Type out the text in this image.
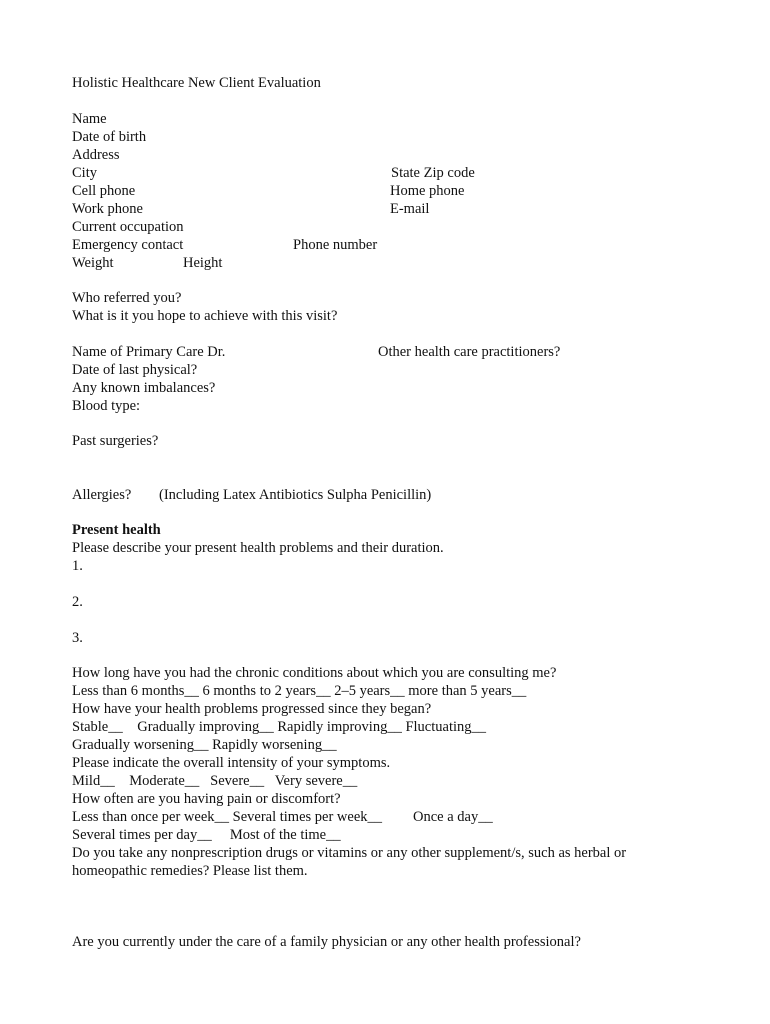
Holistic Healthcare New Client Evaluation
Name
Date of birth
Address
City	State Zip code
Cell phone	Home phone
Work phone	E-mail
Current occupation
Emergency contact	Phone number
Weight	Height
Who referred you?
What is it you hope to achieve with this visit?
Name of Primary Care Dr.	Other health care practitioners?
Date of last physical?
Any known imbalances?
Blood type:
Past surgeries?
Allergies? (Including Latex Antibiotics Sulpha Penicillin)
Present health
Please describe your present health problems and their duration.
1.
2.
3.
How long have you had the chronic conditions about which you are consulting me?
Less than 6 months__ 6 months to 2 years__ 2–5 years__ more than 5 years__
How have your health problems progressed since they began?
Stable__    Gradually improving__ Rapidly improving__ Fluctuating__
Gradually worsening__ Rapidly worsening__
Please indicate the overall intensity of your symptoms.
Mild__    Moderate__   Severe__   Very severe__
How often are you having pain or discomfort?
Less than once per week__ Several times per week__ Once a day__
Several times per day__     Most of the time__
Do you take any nonprescription drugs or vitamins or any other supplement/s, such as herbal or
homeopathic remedies? Please list them.
Are you currently under the care of a family physician or any other health professional?
